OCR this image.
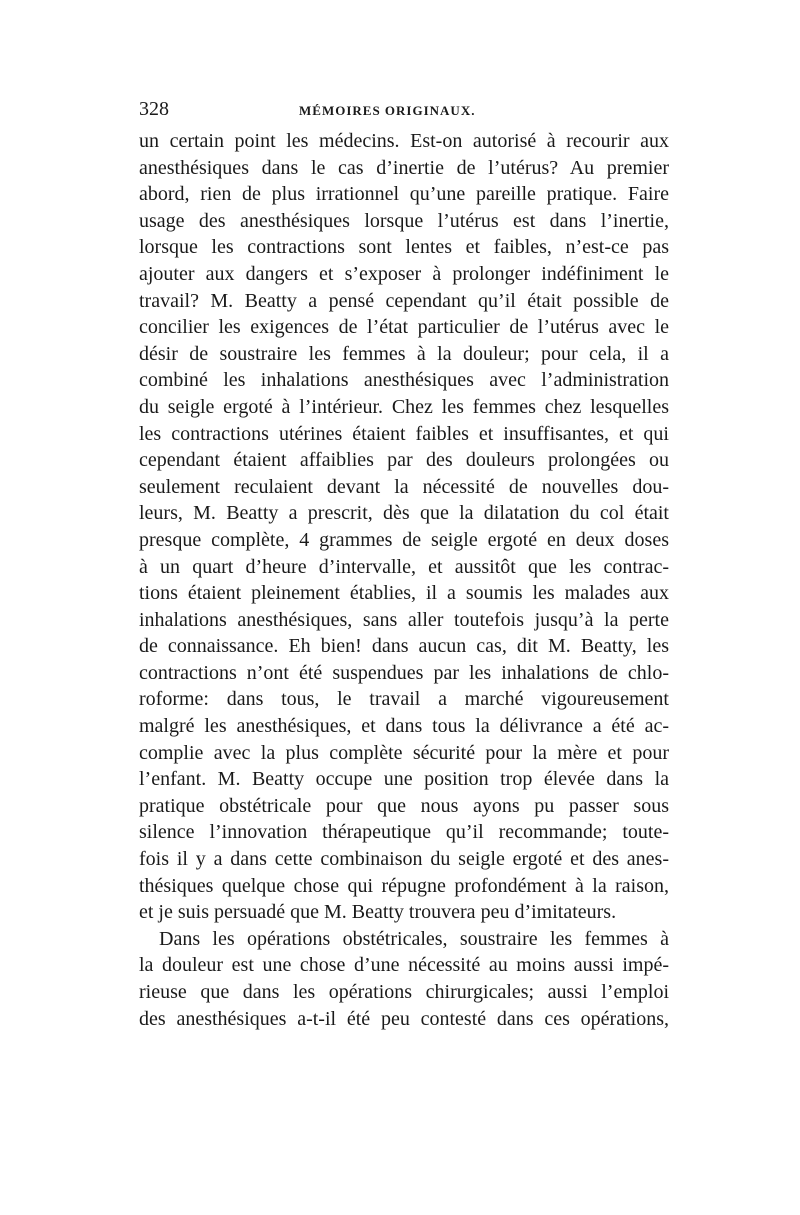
328	MÉMOIRES ORIGINAUX.
un certain point les médecins. Est-on autorisé à recourir aux
anesthésiques dans le cas d’inertie de l’utérus? Au premier
abord, rien de plus irrationnel qu’une pareille pratique. Faire
usage des anesthésiques lorsque l’utérus est dans l’inertie,
lorsque les contractions sont lentes et faibles, n’est-ce pas
ajouter aux dangers et s’exposer à prolonger indéfiniment le
travail? M. Beatty a pensé cependant qu’il était possible de
concilier les exigences de l’état particulier de l’utérus avec le
désir de soustraire les femmes à la douleur; pour cela, il a
combiné les inhalations anesthésiques avec l’administration
du seigle ergoté à l’intérieur. Chez les femmes chez lesquelles
les contractions utérines étaient faibles et insuffisantes, et qui
cependant étaient affaiblies par des douleurs prolongées ou
seulement reculaient devant la nécessité de nouvelles dou-
leurs, M. Beatty a prescrit, dès que la dilatation du col était
presque complète, 4 grammes de seigle ergoté en deux doses
à un quart d’heure d’intervalle, et aussitôt que les contrac-
tions étaient pleinement établies, il a soumis les malades aux
inhalations anesthésiques, sans aller toutefois jusqu’à la perte
de connaissance. Eh bien! dans aucun cas, dit M. Beatty, les
contractions n’ont été suspendues par les inhalations de chlo-
roforme: dans tous, le travail a marché vigoureusement
malgré les anesthésiques, et dans tous la délivrance a été ac-
complie avec la plus complète sécurité pour la mère et pour
l’enfant. M. Beatty occupe une position trop élevée dans la
pratique obstétricale pour que nous ayons pu passer sous
silence l’innovation thérapeutique qu’il recommande; toute-
fois il y a dans cette combinaison du seigle ergoté et des anes-
thésiques quelque chose qui répugne profondément à la raison,
et je suis persuadé que M. Beatty trouvera peu d’imitateurs.
Dans les opérations obstétricales, soustraire les femmes à
la douleur est une chose d’une nécessité au moins aussi impé-
rieuse que dans les opérations chirurgicales; aussi l’emploi
des anesthésiques a-t-il été peu contesté dans ces opérations,
